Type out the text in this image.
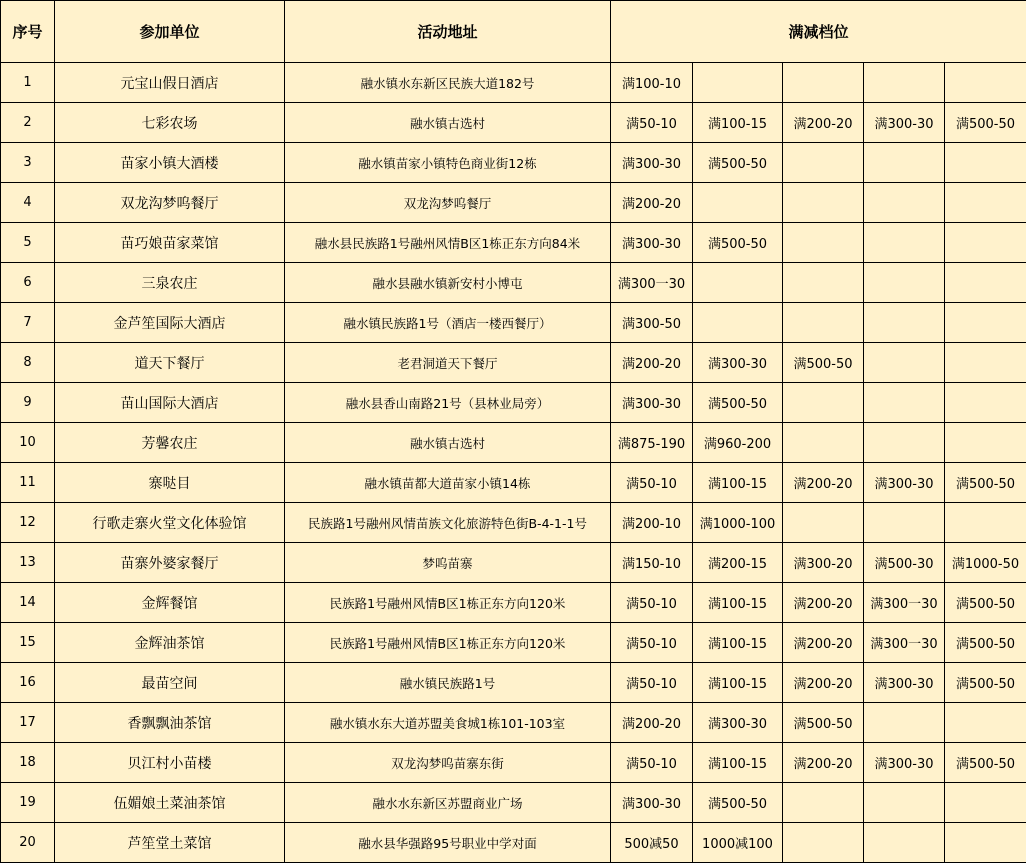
序号	参加单位	活动地址	满减档位				
1	元宝山假日酒店	融水镇水东新区民族大道182号	满100-10				
2	七彩农场	融水镇古选村	满50-10	满100-15	满200-20	满300-30	满500-50
3	苗家小镇大酒楼	融水镇苗家小镇特色商业街12栋	满300-30	满500-50			
4	双龙沟梦呜餐厅	双龙沟梦呜餐厅	满200-20				
5	苗巧娘苗家菜馆	融水县民族路1号融州风情B区1栋正东方向84米	满300-30	满500-50			
6	三泉农庄	融水县融水镇新安村小博屯	满300一30				
7	金芦笙国际大酒店	融水镇民族路1号（酒店一楼西餐厅）	满300-50				
8	道天下餐厅	老君洞道天下餐厅	满200-20	满300-30	满500-50		
9	苗山国际大酒店	融水县香山南路21号（县林业局旁）	满300-30	满500-50			
10	芳馨农庄	融水镇古选村	满875-190	满960-200			
11	寨哒目	融水镇苗都大道苗家小镇14栋	满50-10	满100-15	满200-20	满300-30	满500-50
12	行歌走寨火堂文化体验馆	民族路1号融州风情苗族文化旅游特色街B-4-1-1号	满200-10	满1000-100			
13	苗寨外婆家餐厅	梦呜苗寨	满150-10	满200-15	满300-20	满500-30	满1000-50
14	金辉餐馆	民族路1号融州风情B区1栋正东方向120米	满50-10	满100-15	满200-20	满300一30	满500-50
15	金辉油茶馆	民族路1号融州风情B区1栋正东方向120米	满50-10	满100-15	满200-20	满300一30	满500-50
16	最苗空间	融水镇民族路1号	满50-10	满100-15	满200-20	满300-30	满500-50
17	香飘飘油茶馆	融水镇水东大道苏盟美食城1栋101-103室	满200-20	满300-30	满500-50		
18	贝江村小苗楼	双龙沟梦呜苗寨东街	满50-10	满100-15	满200-20	满300-30	满500-50
19	伍媚娘土菜油茶馆	融水水东新区苏盟商业广场	满300-30	满500-50			
20	芦笙堂土菜馆	融水县华强路95号职业中学对面	500减50	1000减100			
